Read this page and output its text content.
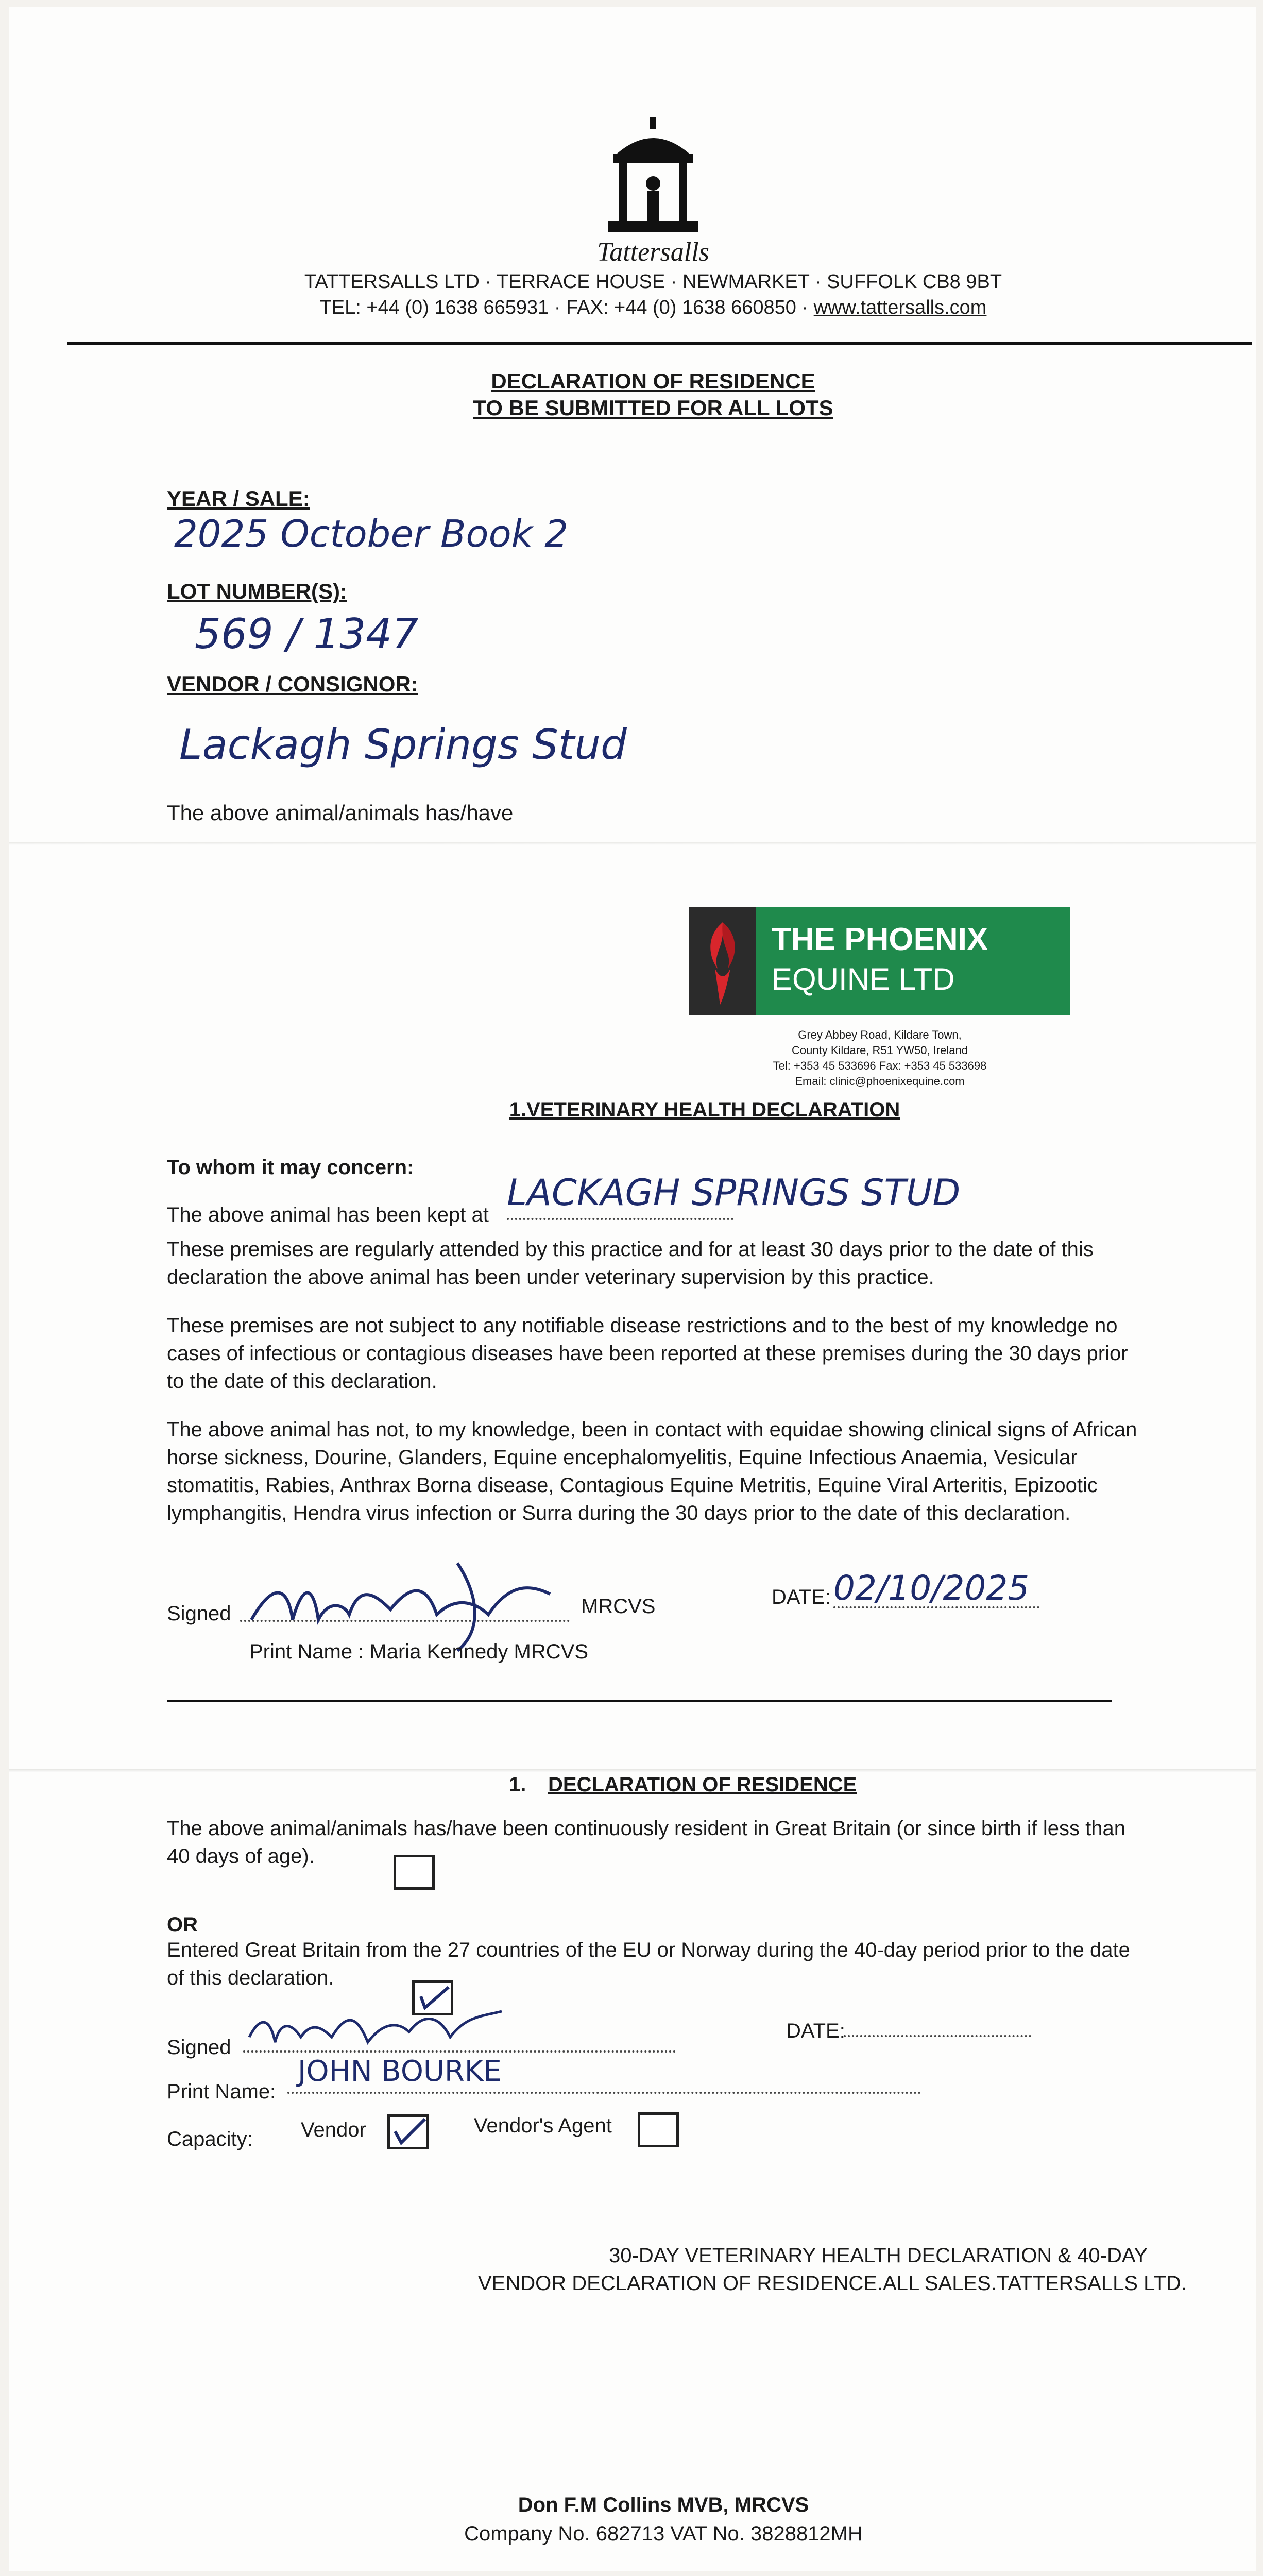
Tattersalls
TATTERSALLS LTD · TERRACE HOUSE · NEWMARKET · SUFFOLK CB8 9BT
TEL: +44 (0) 1638 665931 · FAX: +44 (0) 1638 660850 · www.tattersalls.com
DECLARATION OF RESIDENCE
TO BE SUBMITTED FOR ALL LOTS
YEAR / SALE:
2025 October Book 2
LOT NUMBER(S):
569 / 1347
VENDOR / CONSIGNOR:
Lackagh Springs Stud
The above animal/animals has/have
THE PHOENIX
EQUINE LTD
Grey Abbey Road, Kildare Town,
County Kildare, R51 YW50, Ireland
Tel: +353 45 533696 Fax: +353 45 533698
Email: clinic@phoenixequine.com
1.VETERINARY HEALTH DECLARATION
To whom it may concern:
The above animal has been kept at
LACKAGH SPRINGS STUD

These premises are regularly attended by this practice and for at least 30 days prior to the date of this declaration the above animal has been under veterinary supervision by this practice.

These premises are not subject to any notifiable disease restrictions and to the best of my knowledge no cases of infectious or contagious diseases have been reported at these premises during the 30 days prior to the date of this declaration.

The above animal has not, to my knowledge, been in contact with equidae showing clinical signs of African horse sickness, Dourine, Glanders, Equine encephalomyelitis, Equine Infectious Anaemia, Vesicular stomatitis, Rabies, Anthrax Borna disease, Contagious Equine Metritis, Equine Viral Arteritis, Epizootic lymphangitis, Hendra virus infection or Surra during the 30 days prior to the date of this declaration.

Signed	MRCVS	DATE: 02/10/2025
Print Name : Maria Kennedy MRCVS
1. DECLARATION OF RESIDENCE

The above animal/animals has/have been continuously resident in Great Britain (or since birth if less than 40 days of age).

OR

Entered Great Britain from the 27 countries of the EU or Norway during the 40-day period prior to the date of this declaration.

Signed
DATE:
Print Name:
JOHN BOURKE
Capacity: Vendor	Vendor's Agent
30-DAY VETERINARY HEALTH DECLARATION & 40-DAY
VENDOR DECLARATION OF RESIDENCE.ALL SALES.TATTERSALLS LTD.
Don F.M Collins MVB, MRCVS
Company No. 682713 VAT No. 3828812MH
